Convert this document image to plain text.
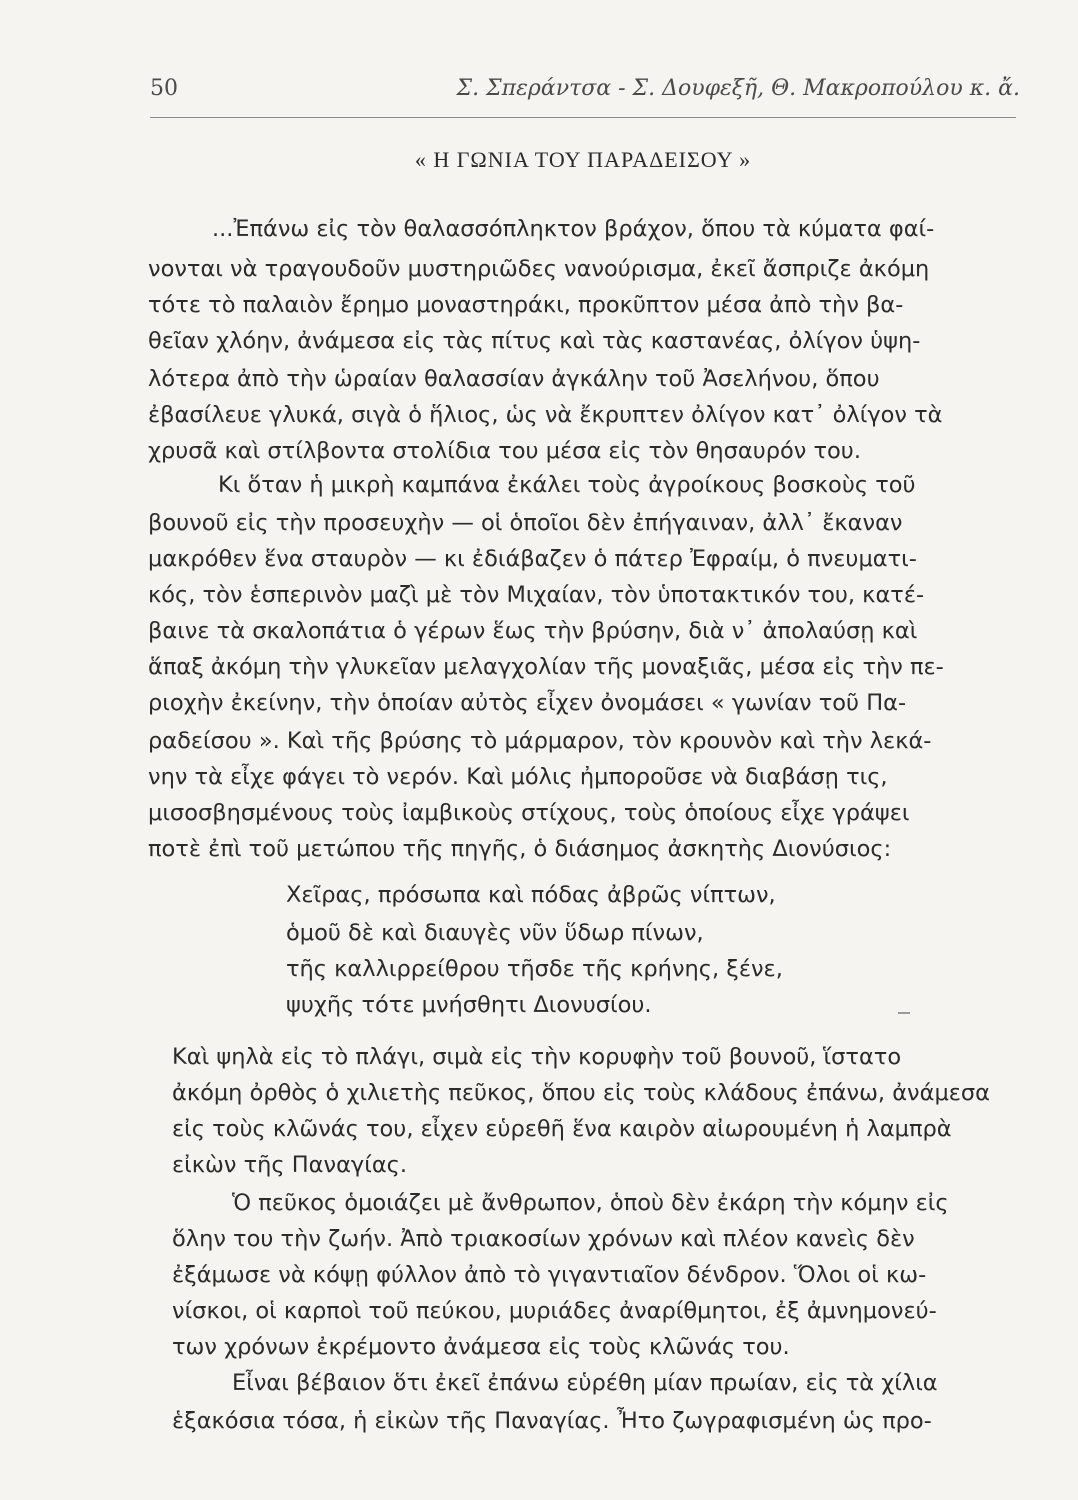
50	Σ. Σπεράντσα - Σ. Δουφεξῆ, Θ. Μακροπούλου κ. ἄ.
« Η ΓΩΝΙΑ ΤΟΥ ΠΑΡΑΔΕΙΣΟΥ »
...Ἐπάνω εἰς τὸν θαλασσόπληκτον βράχον, ὅπου τὰ κύματα φαί-
νονται νὰ τραγουδοῦν μυστηριῶδες νανούρισμα, ἐκεῖ ἄσπριζε ἀκόμη
τότε τὸ παλαιὸν ἔρημο μοναστηράκι, προκῦπτον μέσα ἀπὸ τὴν βα-
θεῖαν χλόην, ἀνάμεσα εἰς τὰς πίτυς καὶ τὰς καστανέας, ὀλίγον ὑψη-
λότερα ἀπὸ τὴν ὡραίαν θαλασσίαν ἀγκάλην τοῦ Ἀσελήνου, ὅπου
ἐβασίλευε γλυκά, σιγὰ ὁ ἥλιος, ὡς νὰ ἔκρυπτεν ὀλίγον κατ᾿ ὀλίγον τὰ
χρυσᾶ καὶ στίλβοντα στολίδια του μέσα εἰς τὸν θησαυρόν του.
Κι ὅταν ἡ μικρὴ καμπάνα ἐκάλει τοὺς ἀγροίκους βοσκοὺς τοῦ
βουνοῦ εἰς τὴν προσευχὴν — οἱ ὁποῖοι δὲν ἐπήγαιναν, ἀλλ᾿ ἔκαναν
μακρόθεν ἕνα σταυρὸν — κι ἐδιάβαζεν ὁ πάτερ Ἐφραίμ, ὁ πνευματι-
κός, τὸν ἑσπερινὸν μαζὶ μὲ τὸν Μιχαίαν, τὸν ὑποτακτικόν του, κατέ-
βαινε τὰ σκαλοπάτια ὁ γέρων ἕως τὴν βρύσην, διὰ ν᾿ ἀπολαύσῃ καὶ
ἅπαξ ἀκόμη τὴν γλυκεῖαν μελαγχολίαν τῆς μοναξιᾶς, μέσα εἰς τὴν πε-
ριοχὴν ἐκείνην, τὴν ὁποίαν αὐτὸς εἶχεν ὀνομάσει « γωνίαν τοῦ Πα-
ραδείσου ». Καὶ τῆς βρύσης τὸ μάρμαρον, τὸν κρουνὸν καὶ τὴν λεκά-
νην τὰ εἶχε φάγει τὸ νερόν. Καὶ μόλις ἠμποροῦσε νὰ διαβάσῃ τις,
μισοσβησμένους τοὺς ἰαμβικοὺς στίχους, τοὺς ὁποίους εἶχε γράψει
ποτὲ ἐπὶ τοῦ μετώπου τῆς πηγῆς, ὁ διάσημος ἀσκητὴς Διονύσιος:
Χεῖρας, πρόσωπα καὶ πόδας ἀβρῶς νίπτων,
ὁμοῦ δὲ καὶ διαυγὲς νῦν ὕδωρ πίνων,
τῆς καλλιρρείθρου τῆσδε τῆς κρήνης, ξένε,
ψυχῆς τότε μνήσθητι Διονυσίου.
Καὶ ψηλὰ εἰς τὸ πλάγι, σιμὰ εἰς τὴν κορυφὴν τοῦ βουνοῦ, ἵστατο
ἀκόμη ὀρθὸς ὁ χιλιετὴς πεῦκος, ὅπου εἰς τοὺς κλάδους ἐπάνω, ἀνάμεσα
εἰς τοὺς κλῶνάς του, εἶχεν εὑρεθῆ ἕνα καιρὸν αἰωρουμένη ἡ λαμπρὰ
εἰκὼν τῆς Παναγίας.
Ὁ πεῦκος ὁμοιάζει μὲ ἄνθρωπον, ὁποὺ δὲν ἐκάρη τὴν κόμην εἰς
ὅλην του τὴν ζωήν. Ἀπὸ τριακοσίων χρόνων καὶ πλέον κανεὶς δὲν
ἐξάμωσε νὰ κόψῃ φύλλον ἀπὸ τὸ γιγαντιαῖον δένδρον. Ὅλοι οἱ κω-
νίσκοι, οἱ καρποὶ τοῦ πεύκου, μυριάδες ἀναρίθμητοι, ἐξ ἀμνημονεύ-
των χρόνων ἐκρέμοντο ἀνάμεσα εἰς τοὺς κλῶνάς του.
Εἶναι βέβαιον ὅτι ἐκεῖ ἐπάνω εὑρέθη μίαν πρωίαν, εἰς τὰ χίλια
ἑξακόσια τόσα, ἡ εἰκὼν τῆς Παναγίας. Ἦτο ζωγραφισμένη ὡς προ-
